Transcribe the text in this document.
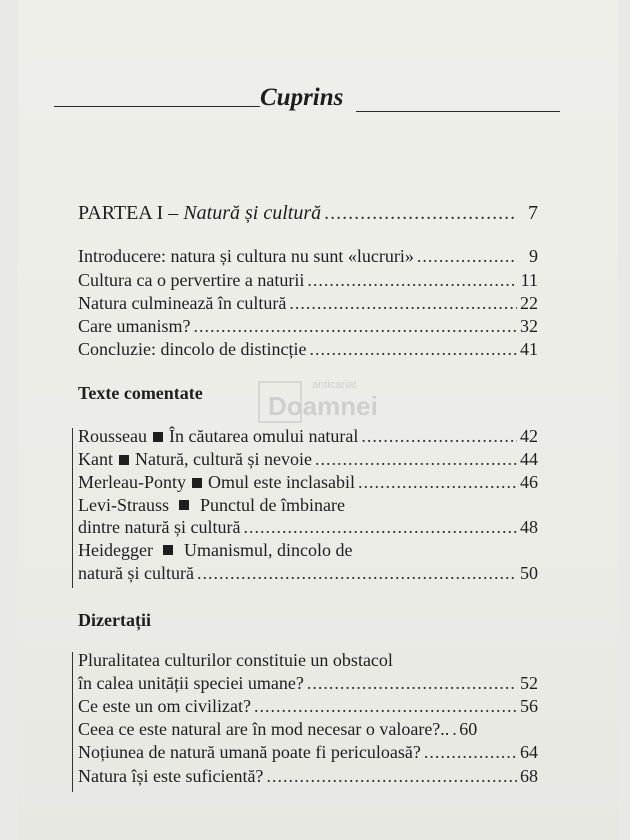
Cuprins
anticariat
Doamnei
PARTEA I – Natură și cultură .....	7
Introducere: natura și cultura nu sunt «lucruri» .....	9
Cultura ca o pervertire a naturii .....	11
Natura culminează în cultură .....	22
Care umanism? .....	32
Concluzie: dincolo de distincție .....	41
Texte comentate
Rousseau În căutarea omului natural .....	42
Kant Natură, cultură și nevoie .....	44
Merleau-Ponty Omul este inclasabil .....	46
Levi-Strauss Punctul de îmbinare
dintre natură și cultură .....	48
Heidegger Umanismul, dincolo de
natură și cultură .....	50
Dizertații
Pluralitatea culturilor constituie un obstacol
în calea unității speciei umane? .....	52
Ce este un om civilizat? .....	56
Ceea ce este natural are în mod necesar o valoare?.. ..... 60
Noțiunea de natură umană poate fi periculoasă? .....	64
Natura își este suficientă? .....	68
